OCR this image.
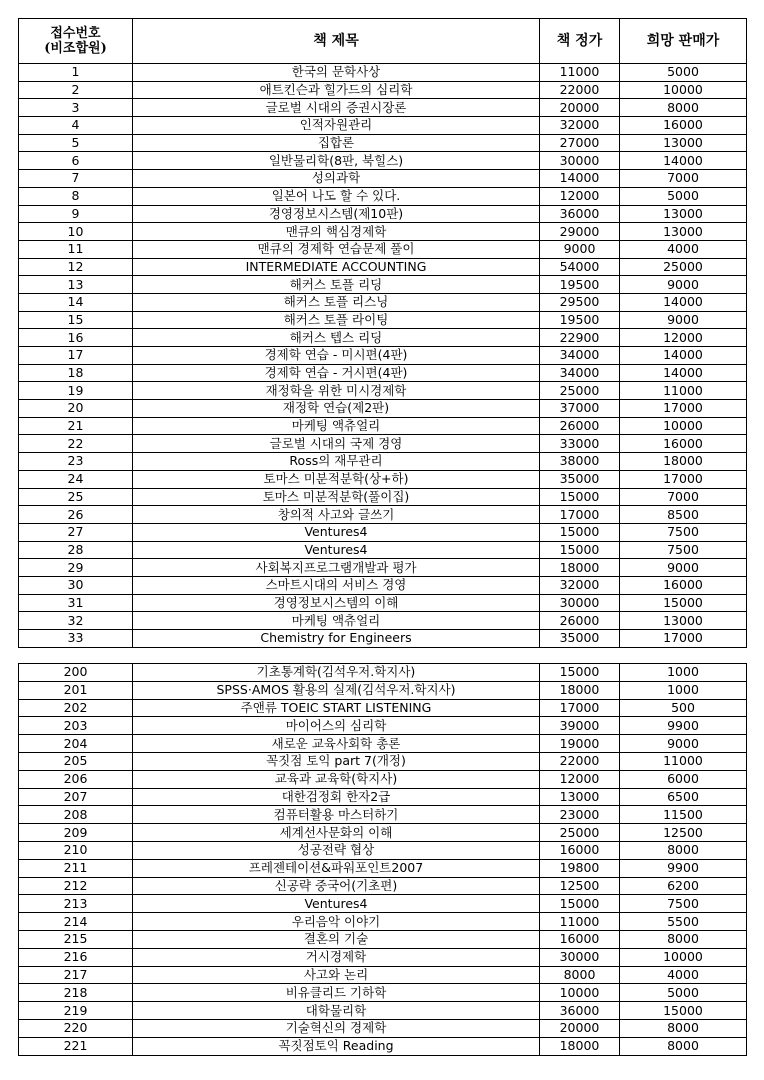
접수번호
(비조합원)	책 제목	책 정가	희망 판매가
1	한국의 문학사상	11000	5000
2	애트킨슨과 힐가드의 심리학	22000	10000
3	글로벌 시대의 증권시장론	20000	8000
4	인적자원관리	32000	16000
5	집합론	27000	13000
6	일반물리학(8판, 북힐스)	30000	14000
7	성의과학	14000	7000
8	일본어 나도 할 수 있다.	12000	5000
9	경영정보시스템(제10판)	36000	13000
10	맨큐의 핵심경제학	29000	13000
11	맨큐의 경제학 연습문제 풀이	9000	4000
12	INTERMEDIATE ACCOUNTING	54000	25000
13	해커스 토플 리딩	19500	9000
14	해커스 토플 리스닝	29500	14000
15	해커스 토플 라이팅	19500	9000
16	해커스 텝스 리딩	22900	12000
17	경제학 연습 - 미시편(4판)	34000	14000
18	경제학 연습 - 거시편(4판)	34000	14000
19	재정학을 위한 미시경제학	25000	11000
20	재정학 연습(제2판)	37000	17000
21	마케팅 액츄얼리	26000	10000
22	글로벌 시대의 국제 경영	33000	16000
23	Ross의 재무관리	38000	18000
24	토마스 미분적분학(상+하)	35000	17000
25	토마스 미분적분학(풀이집)	15000	7000
26	창의적 사고와 글쓰기	17000	8500
27	Ventures4	15000	7500
28	Ventures4	15000	7500
29	사회복지프로그램개발과 평가	18000	9000
30	스마트시대의 서비스 경영	32000	16000
31	경영정보시스템의 이해	30000	15000
32	마케팅 액츄얼리	26000	13000
33	Chemistry for Engineers	35000	17000
200	기초통계학(김석우저.학지사)	15000	1000
201	SPSS·AMOS 활용의 실제(김석우저.학지사)	18000	1000
202	주앤류 TOEIC START LISTENING	17000	500
203	마이어스의 심리학	39000	9900
204	새로운 교육사회학 총론	19000	9000
205	꼭짓점 토익 part 7(개정)	22000	11000
206	교육과 교육학(학지사)	12000	6000
207	대한검정회 한자2급	13000	6500
208	컴퓨터활용 마스터하기	23000	11500
209	세계선사문화의 이해	25000	12500
210	성공전략 협상	16000	8000
211	프레젠테이션&파워포인트2007	19800	9900
212	신공략 중국어(기초편)	12500	6200
213	Ventures4	15000	7500
214	우리음악 이야기	11000	5500
215	결혼의 기술	16000	8000
216	거시경제학	30000	10000
217	사고와 논리	8000	4000
218	비유클리드 기하학	10000	5000
219	대학물리학	36000	15000
220	기술혁신의 경제학	20000	8000
221	꼭짓점토익 Reading	18000	8000
